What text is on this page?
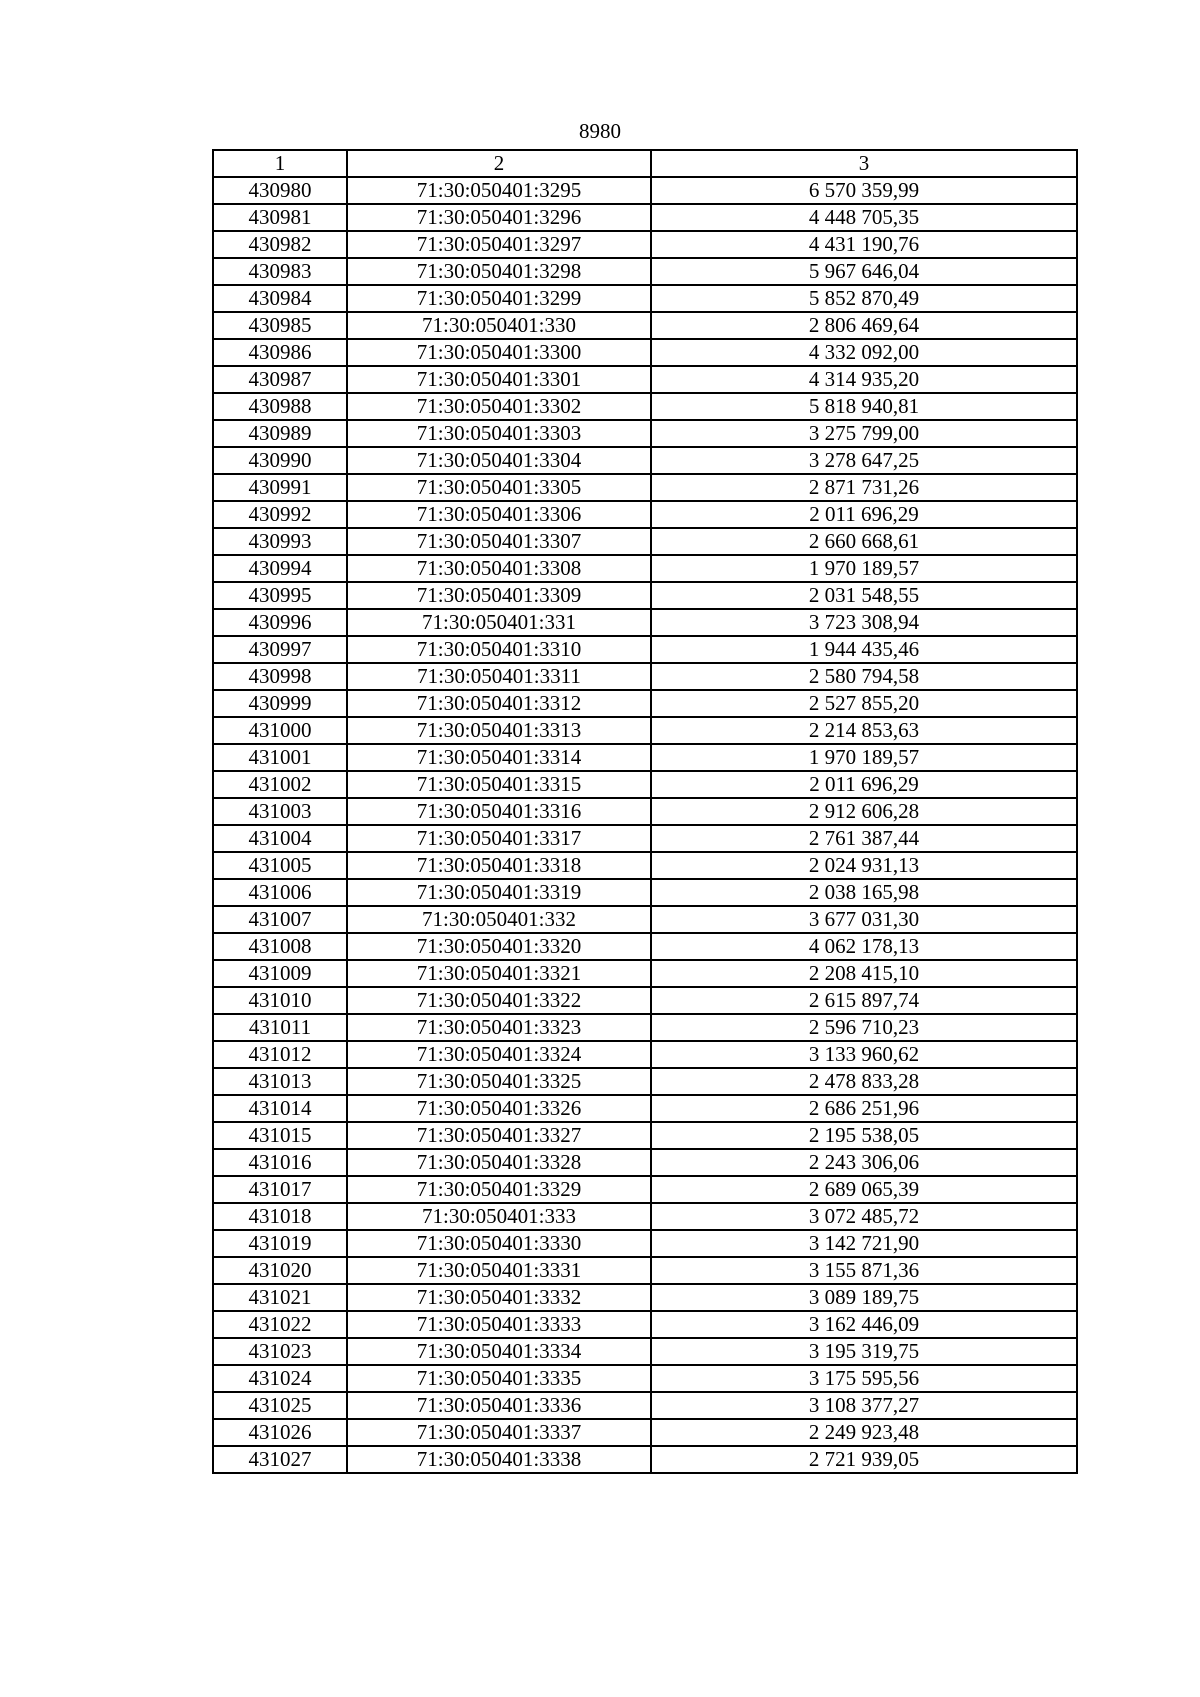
8980
1	2	3
430980	71:30:050401:3295	6 570 359,99
430981	71:30:050401:3296	4 448 705,35
430982	71:30:050401:3297	4 431 190,76
430983	71:30:050401:3298	5 967 646,04
430984	71:30:050401:3299	5 852 870,49
430985	71:30:050401:330	2 806 469,64
430986	71:30:050401:3300	4 332 092,00
430987	71:30:050401:3301	4 314 935,20
430988	71:30:050401:3302	5 818 940,81
430989	71:30:050401:3303	3 275 799,00
430990	71:30:050401:3304	3 278 647,25
430991	71:30:050401:3305	2 871 731,26
430992	71:30:050401:3306	2 011 696,29
430993	71:30:050401:3307	2 660 668,61
430994	71:30:050401:3308	1 970 189,57
430995	71:30:050401:3309	2 031 548,55
430996	71:30:050401:331	3 723 308,94
430997	71:30:050401:3310	1 944 435,46
430998	71:30:050401:3311	2 580 794,58
430999	71:30:050401:3312	2 527 855,20
431000	71:30:050401:3313	2 214 853,63
431001	71:30:050401:3314	1 970 189,57
431002	71:30:050401:3315	2 011 696,29
431003	71:30:050401:3316	2 912 606,28
431004	71:30:050401:3317	2 761 387,44
431005	71:30:050401:3318	2 024 931,13
431006	71:30:050401:3319	2 038 165,98
431007	71:30:050401:332	3 677 031,30
431008	71:30:050401:3320	4 062 178,13
431009	71:30:050401:3321	2 208 415,10
431010	71:30:050401:3322	2 615 897,74
431011	71:30:050401:3323	2 596 710,23
431012	71:30:050401:3324	3 133 960,62
431013	71:30:050401:3325	2 478 833,28
431014	71:30:050401:3326	2 686 251,96
431015	71:30:050401:3327	2 195 538,05
431016	71:30:050401:3328	2 243 306,06
431017	71:30:050401:3329	2 689 065,39
431018	71:30:050401:333	3 072 485,72
431019	71:30:050401:3330	3 142 721,90
431020	71:30:050401:3331	3 155 871,36
431021	71:30:050401:3332	3 089 189,75
431022	71:30:050401:3333	3 162 446,09
431023	71:30:050401:3334	3 195 319,75
431024	71:30:050401:3335	3 175 595,56
431025	71:30:050401:3336	3 108 377,27
431026	71:30:050401:3337	2 249 923,48
431027	71:30:050401:3338	2 721 939,05
